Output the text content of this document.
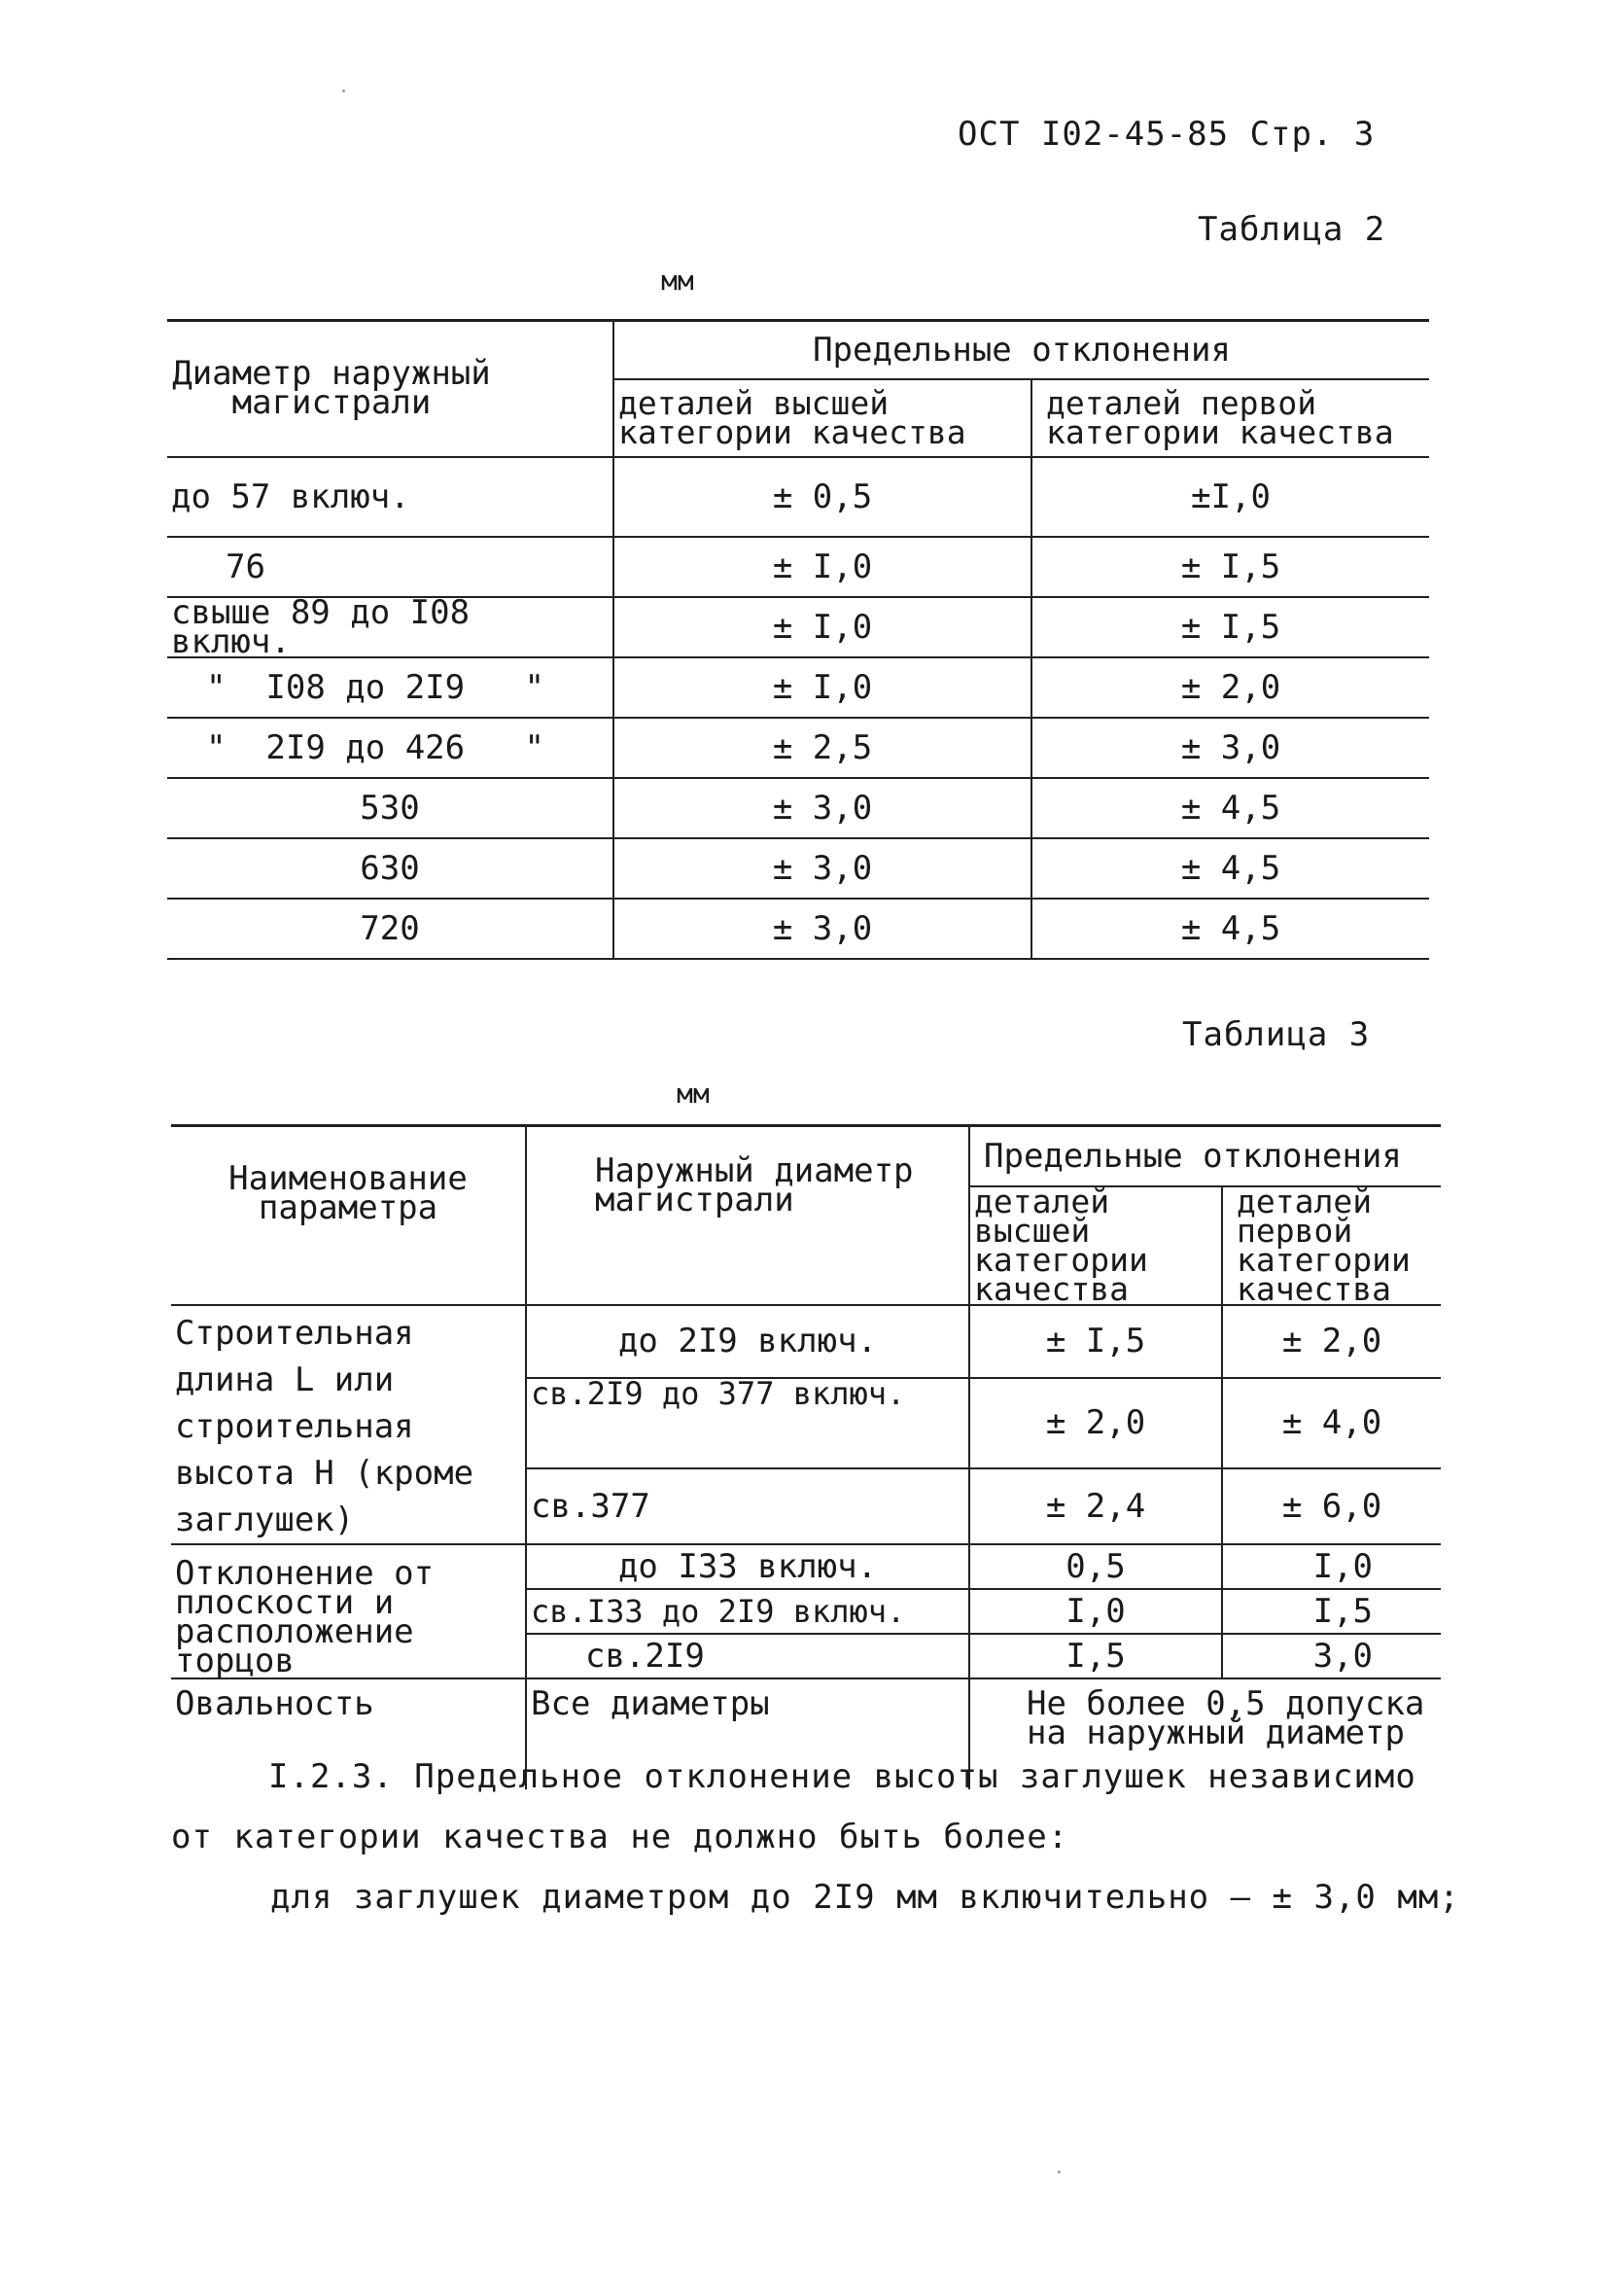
ОСТ I02-45-85 Стр. 3
Таблица 2
мм
Диаметр наружный магистрали	Предельные отклонения	
	деталей высшей категории качества	деталей первой категории качества
до 57 включ.	± 0,5	±I,0
76	± I,0	± I,5
свыше 89 до I08 включ.	± I,0	± I,5
"  I08 до 2I9   "	± I,0	± 2,0
"  2I9 до 426   "	± 2,5	± 3,0
530	± 3,0	± 4,5
630	± 3,0	± 4,5
720	± 3,0	± 4,5
Таблица 3
мм
Наименование параметра	Наружный диаметр магистрали	Предельные отклонения	
		деталей высшей категории качества	деталей первой категории качества
Строительная длина L или строительная высота Н (кроме заглушек)	до 2I9 включ.	± I,5	± 2,0
	св.2I9 до 377 включ.	± 2,0	± 4,0
	св.377	± 2,4	± 6,0
Отклонение от плоскости и расположение торцов	до I33 включ.	0,5	I,0
	св.I33 до 2I9 включ.	I,0	I,5
	св.2I9	I,5	3,0
Овальность	Все диаметры	Не более 0,5 допуска на наружный диаметр	
I.2.3. Предельное отклонение высоты заглушек независимо от категории качества не должно быть более:
для заглушек диаметром до 2I9 мм включительно – ± 3,0 мм;
